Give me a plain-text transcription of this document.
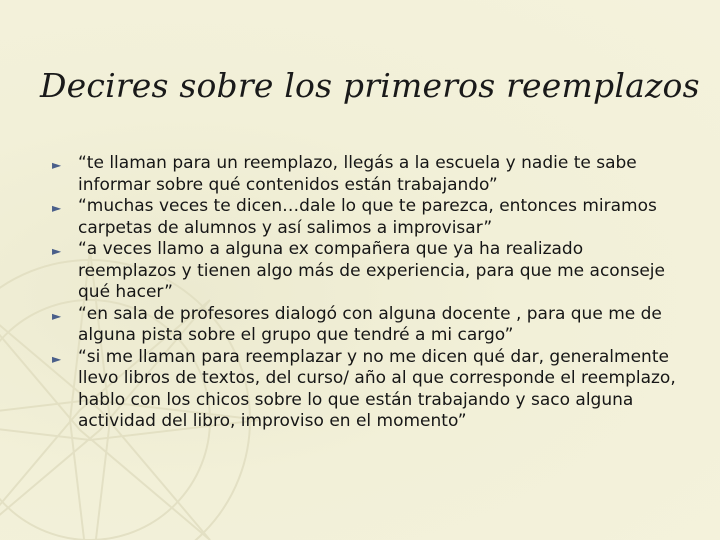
Decires sobre los primeros reemplazos
► “te llaman para un reemplazo, llegás a la escuela y nadie te sabe informar sobre qué contenidos están trabajando”
► “muchas veces te dicen…dale lo que te parezca, entonces miramos carpetas de alumnos y así salimos a improvisar”
► “a veces llamo a alguna ex compañera que ya ha realizado reemplazos y tienen algo más de experiencia, para que me aconseje qué hacer”
► “en sala de profesores dialogó con alguna docente , para que me de alguna pista sobre el grupo que tendré a mi cargo”
► “si me llaman para reemplazar y no me dicen qué dar, generalmente llevo libros de textos, del curso/ año al que corresponde el reemplazo, hablo con los chicos sobre lo que están trabajando y saco alguna actividad del libro, improviso en el momento”
